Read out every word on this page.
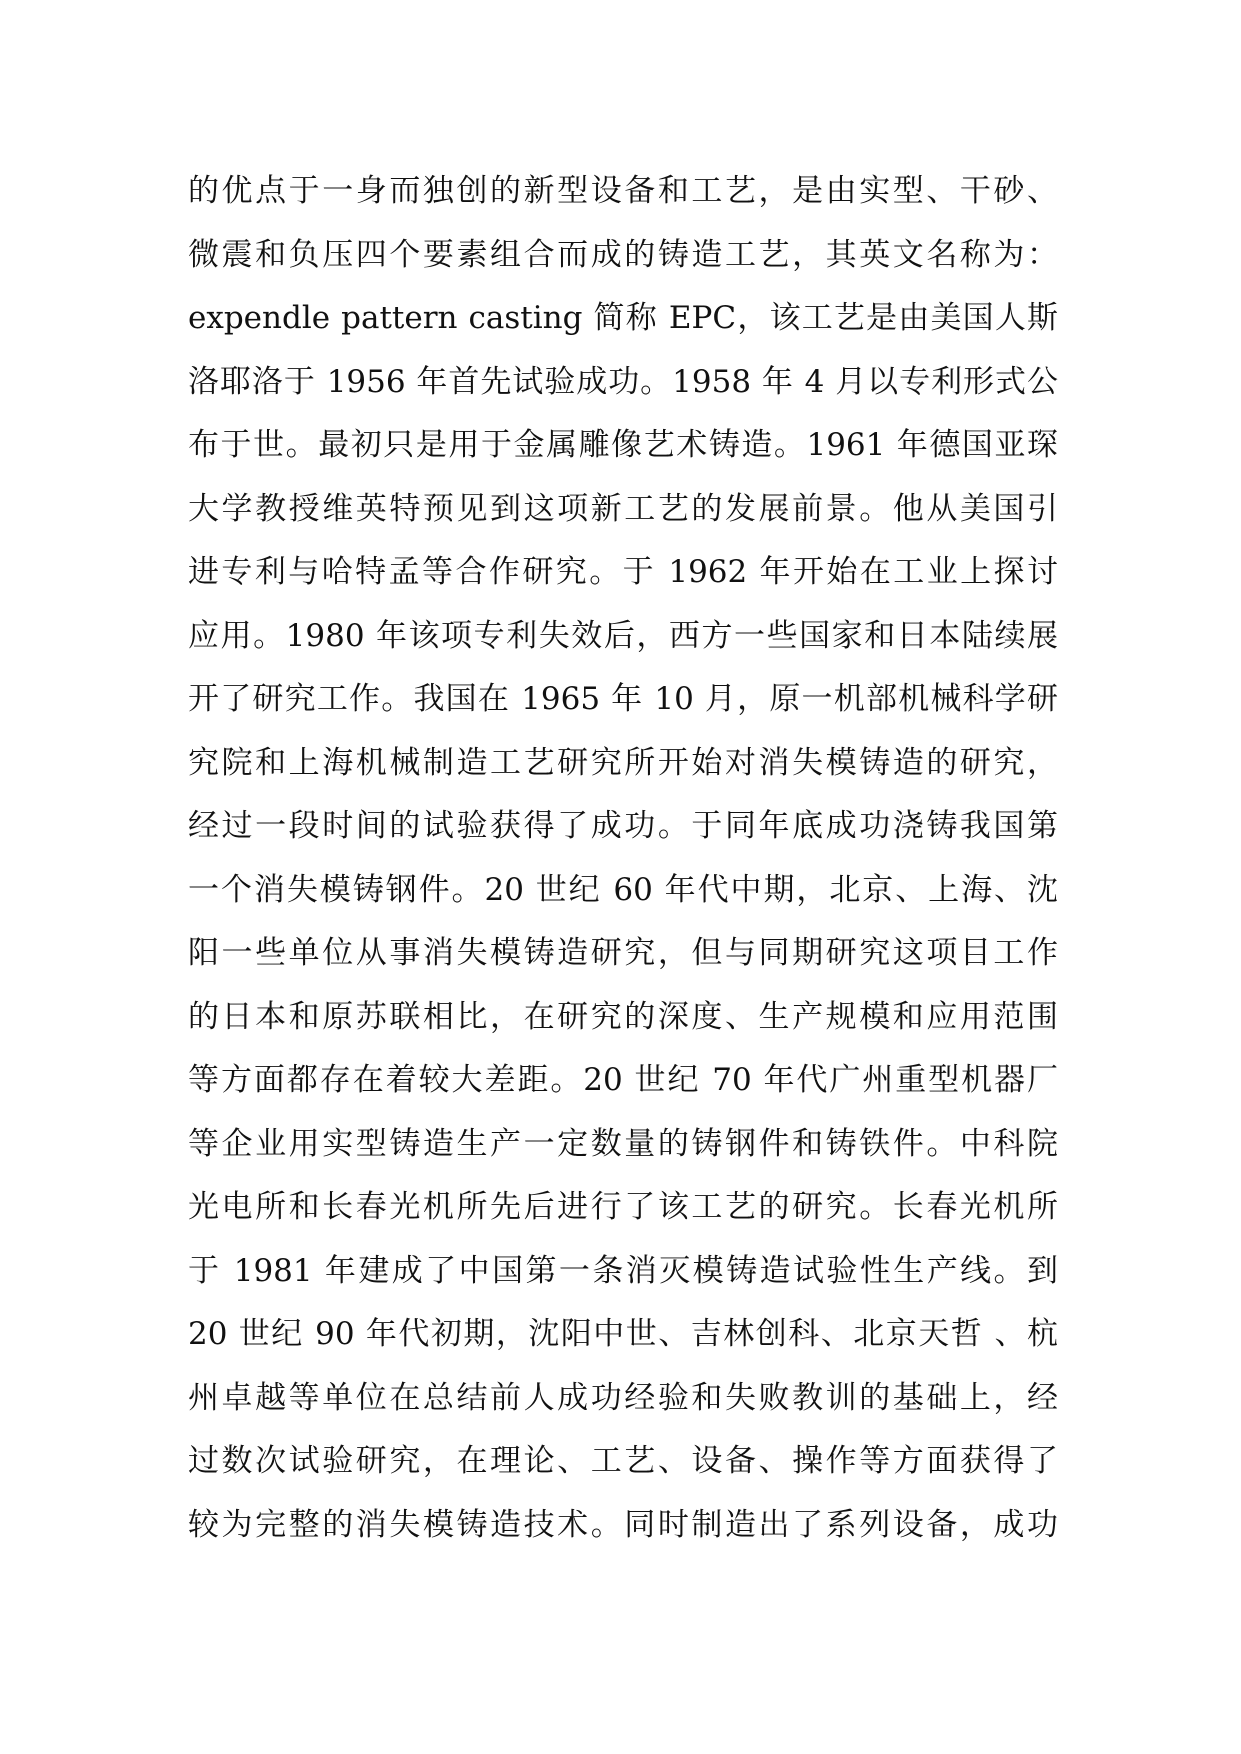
的优点于一身而独创的新型设备和工艺，是由实型、干砂、
微震和负压四个要素组合而成的铸造工艺，其英文名称为：
expendle pattern casting 简称 EPC，该工艺是由美国人斯
洛耶洛于 1956 年首先试验成功。1958 年 4 月以专利形式公
布于世。最初只是用于金属雕像艺术铸造。1961 年德国亚琛
大学教授维英特预见到这项新工艺的发展前景。他从美国引
进专利与哈特孟等合作研究。于 1962 年开始在工业上探讨
应用。1980 年该项专利失效后，西方一些国家和日本陆续展
开了研究工作。我国在 1965 年 10 月，原一机部机械科学研
究院和上海机械制造工艺研究所开始对消失模铸造的研究，
经过一段时间的试验获得了成功。于同年底成功浇铸我国第
一个消失模铸钢件。20 世纪 60 年代中期，北京、上海、沈
阳一些单位从事消失模铸造研究，但与同期研究这项目工作
的日本和原苏联相比，在研究的深度、生产规模和应用范围
等方面都存在着较大差距。20 世纪 70 年代广州重型机器厂
等企业用实型铸造生产一定数量的铸钢件和铸铁件。中科院
光电所和长春光机所先后进行了该工艺的研究。长春光机所
于 1981 年建成了中国第一条消灭模铸造试验性生产线。到
20 世纪 90 年代初期，沈阳中世、吉林创科、北京天哲 、杭
州卓越等单位在总结前人成功经验和失败教训的基础上，经
过数次试验研究，在理论、工艺、设备、操作等方面获得了
较为完整的消失模铸造技术。同时制造出了系列设备，成功
